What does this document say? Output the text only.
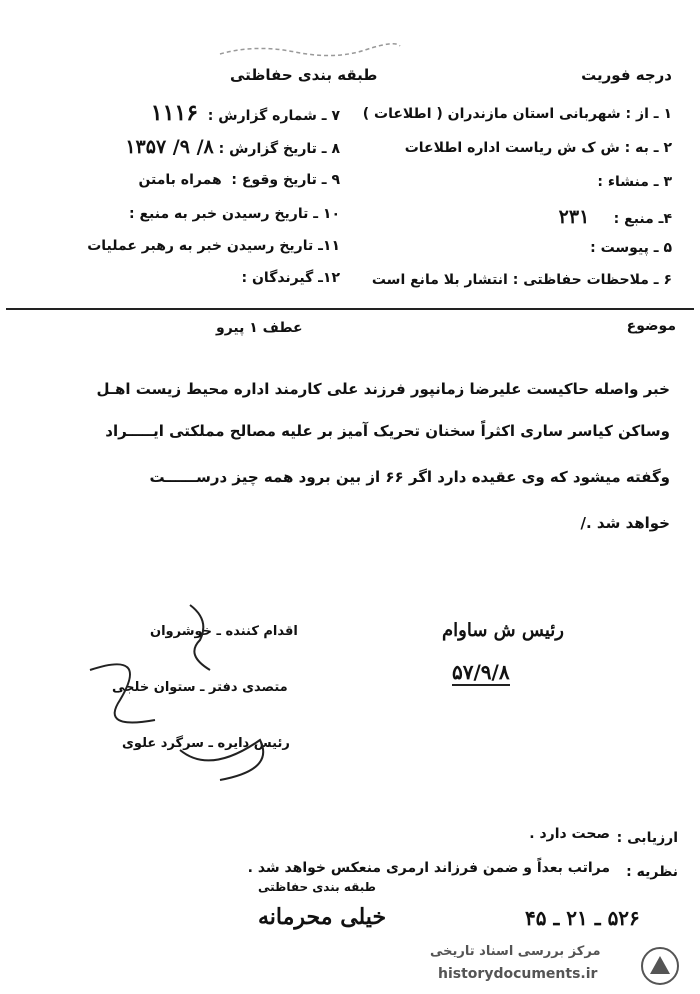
درجه فوریت
طبقه بندی حفاظتی
۱ ـ از : شهربانی استان مازندران ( اطلاعات )
۲ ـ به : ش ک ش ریاست اداره اطلاعات
۳ ـ منشاء :
۴ـ منبع :     ۲۳۱
۵ ـ پیوست :
۶ ـ ملاحظات حفاظتی : انتشار بلا مانع است
۷ ـ شماره گزارش :  ۱۱۱۶
۸ ـ تاریخ گزارش : ۸/ ۹/ ۱۳۵۷
۹ ـ تاریخ وقوع :  همراه بامتن
۱۰ ـ تاریخ رسیدن خبر به منبع :
۱۱ـ تاریخ رسیدن خبر به رهبر عملیات
۱۲ـ گیرندگان :
موضوع
عطف ۱ پیرو
خبر واصله حاکیست علیرضا زمانپور فرزند علی کارمند اداره محیط زیست اهـل
وساکن کیاسر ساری اکثراً سخنان تحریک آمیز بر علیه مصالح مملکتی ایـــــراد
وگفته میشود که وی عقیده دارد اگر ۶۶ از بین برود همه چیز درســــــت
خواهد شد ./
اقدام کننده ـ خوشروان
متصدی دفتر ـ ستوان خلجی
رئیس دایره ـ سرگرد علوی
رئیس ش ساوام
۵۷/۹/۸
ارزیابی :
صحت دارد .
نظریه :
مراتب بعداً و ضمن فرزاند ارمری منعکس خواهد شد .
طبقه بندی حفاظتی
خیلی محرمانه	۵۲۶ ـ ۲۱ ـ ۴۵
مرکز بررسی اسناد تاریخی
historydocuments.ir
